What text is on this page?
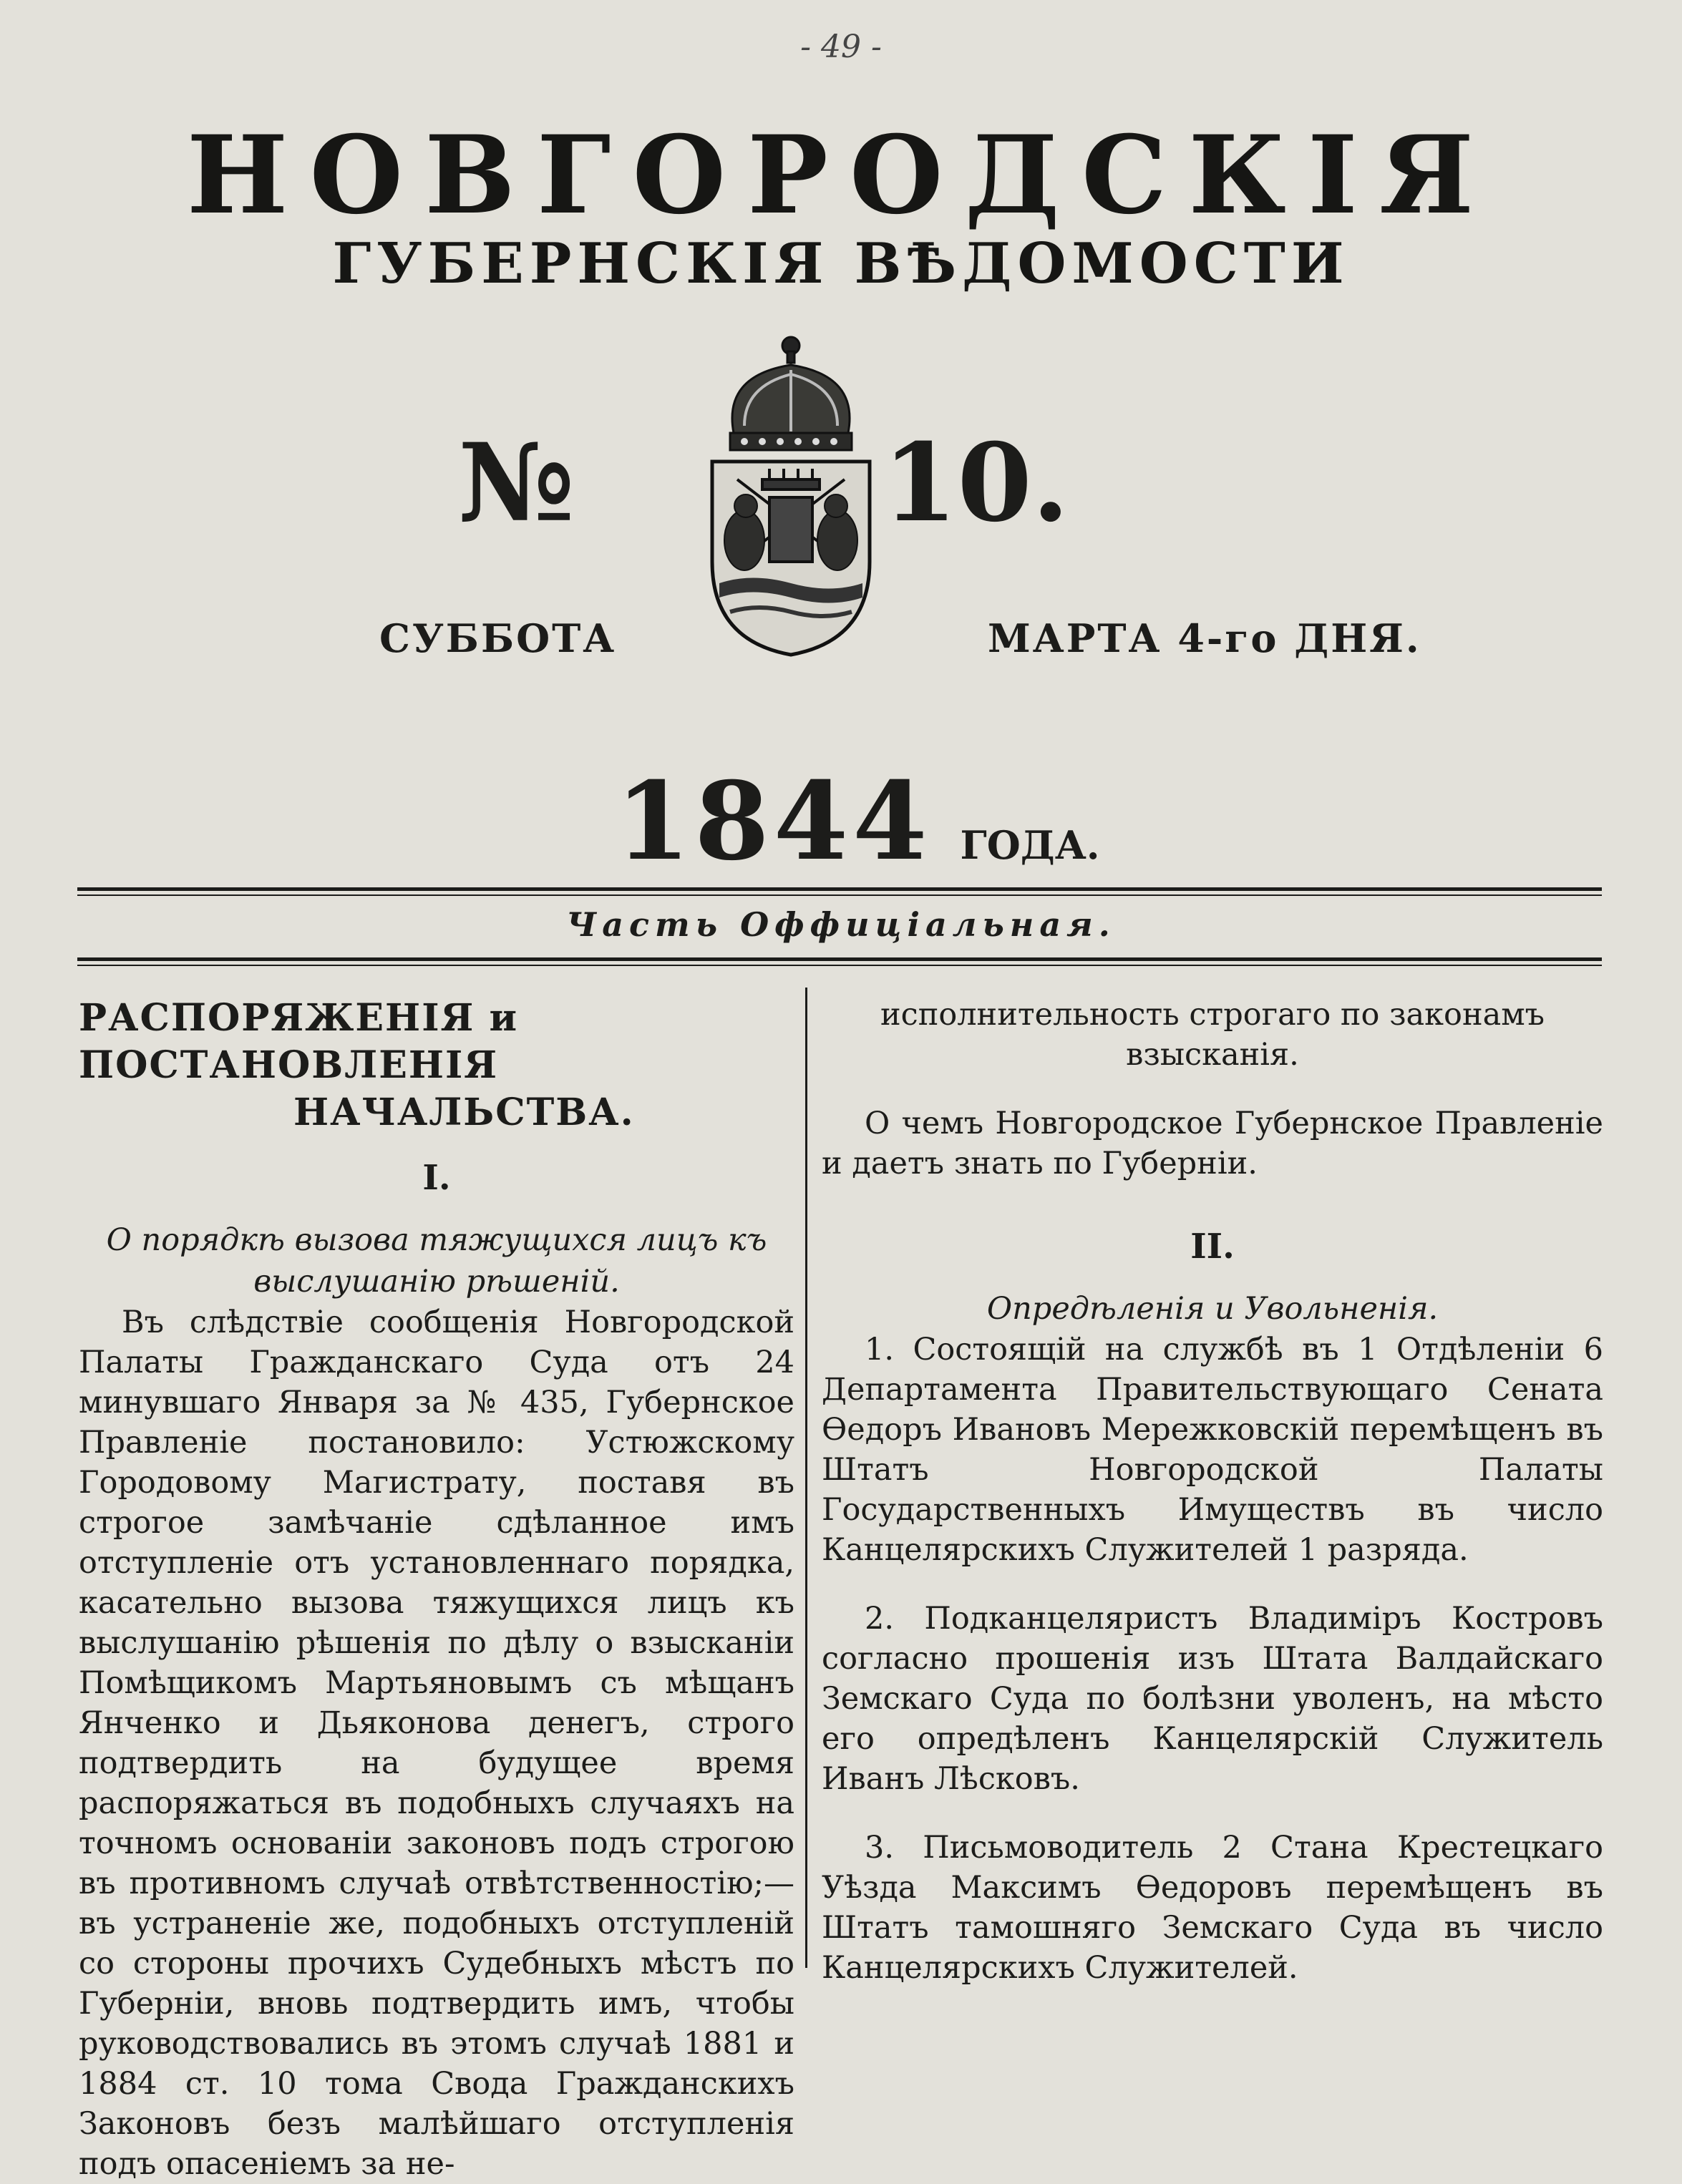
- 49 -
НОВГОРОДСКІЯ
ГУБЕРНСКІЯ ВѢДОМОСТИ
№	10.
СУББОТА	МАРТА 4-го ДНЯ.
1844 ГОДА.
Часть Оффиціальная.
РАСПОРЯЖЕНІЯ и ПОСТАНОВЛЕНІЯ
НАЧАЛЬСТВА.
I.

О порядкѣ вызова тяжущихся лицъ къ выслушанію рѣшеній.

Въ слѣдствіе сообщенія Новгородской Палаты Гражданскаго Суда отъ 24 минувшаго Января за № 435, Губернское Правленіе постановило: Устюжскому Городовому Магистрату, поставя въ строгое замѣчаніе сдѣланное имъ отступленіе отъ установленнаго порядка, касательно вызова тяжущихся лицъ къ выслушанію рѣшенія по дѣлу о взысканіи Помѣщикомъ Мартьяновымъ съ мѣщанъ Янченко и Дьяконова денегъ, строго подтвердить на будущее время распоряжаться въ подобныхъ случаяхъ на точномъ основаніи законовъ подъ строгою въ противномъ случаѣ отвѣтственностію;—въ устраненіе же, подобныхъ отступленій со стороны прочихъ Судебныхъ мѣстъ по Губерніи, вновь подтвердить имъ, чтобы руководствовались въ этомъ случаѣ 1881 и 1884 ст. 10 тома Свода Гражданскихъ Законовъ безъ малѣйшаго отступленія подъ опасеніемъ за не-

исполнительность строгаго по законамъ взысканія.

О чемъ Новгородское Губернское Правленіе и даетъ знать по Губерніи.

II.

Опредѣленія и Увольненія.

1. Состоящій на службѣ въ 1 Отдѣленіи 6 Департамента Правительствующаго Сената Ѳедоръ Ивановъ Мережковскій перемѣщенъ въ Штатъ Новгородской Палаты Государственныхъ Имуществъ въ число Канцелярскихъ Служителей 1 разряда.

2. Подканцеляристъ Владиміръ Костровъ согласно прошенія изъ Штата Валдайскаго Земскаго Суда по болѣзни уволенъ, на мѣсто его опредѣленъ Канцелярскій Служитель Иванъ Лѣсковъ.

3. Письмоводитель 2 Стана Крестецкаго Уѣзда Максимъ Ѳедоровъ перемѣщенъ въ Штатъ тамошняго Земскаго Суда въ число Канцелярскихъ Служителей.
